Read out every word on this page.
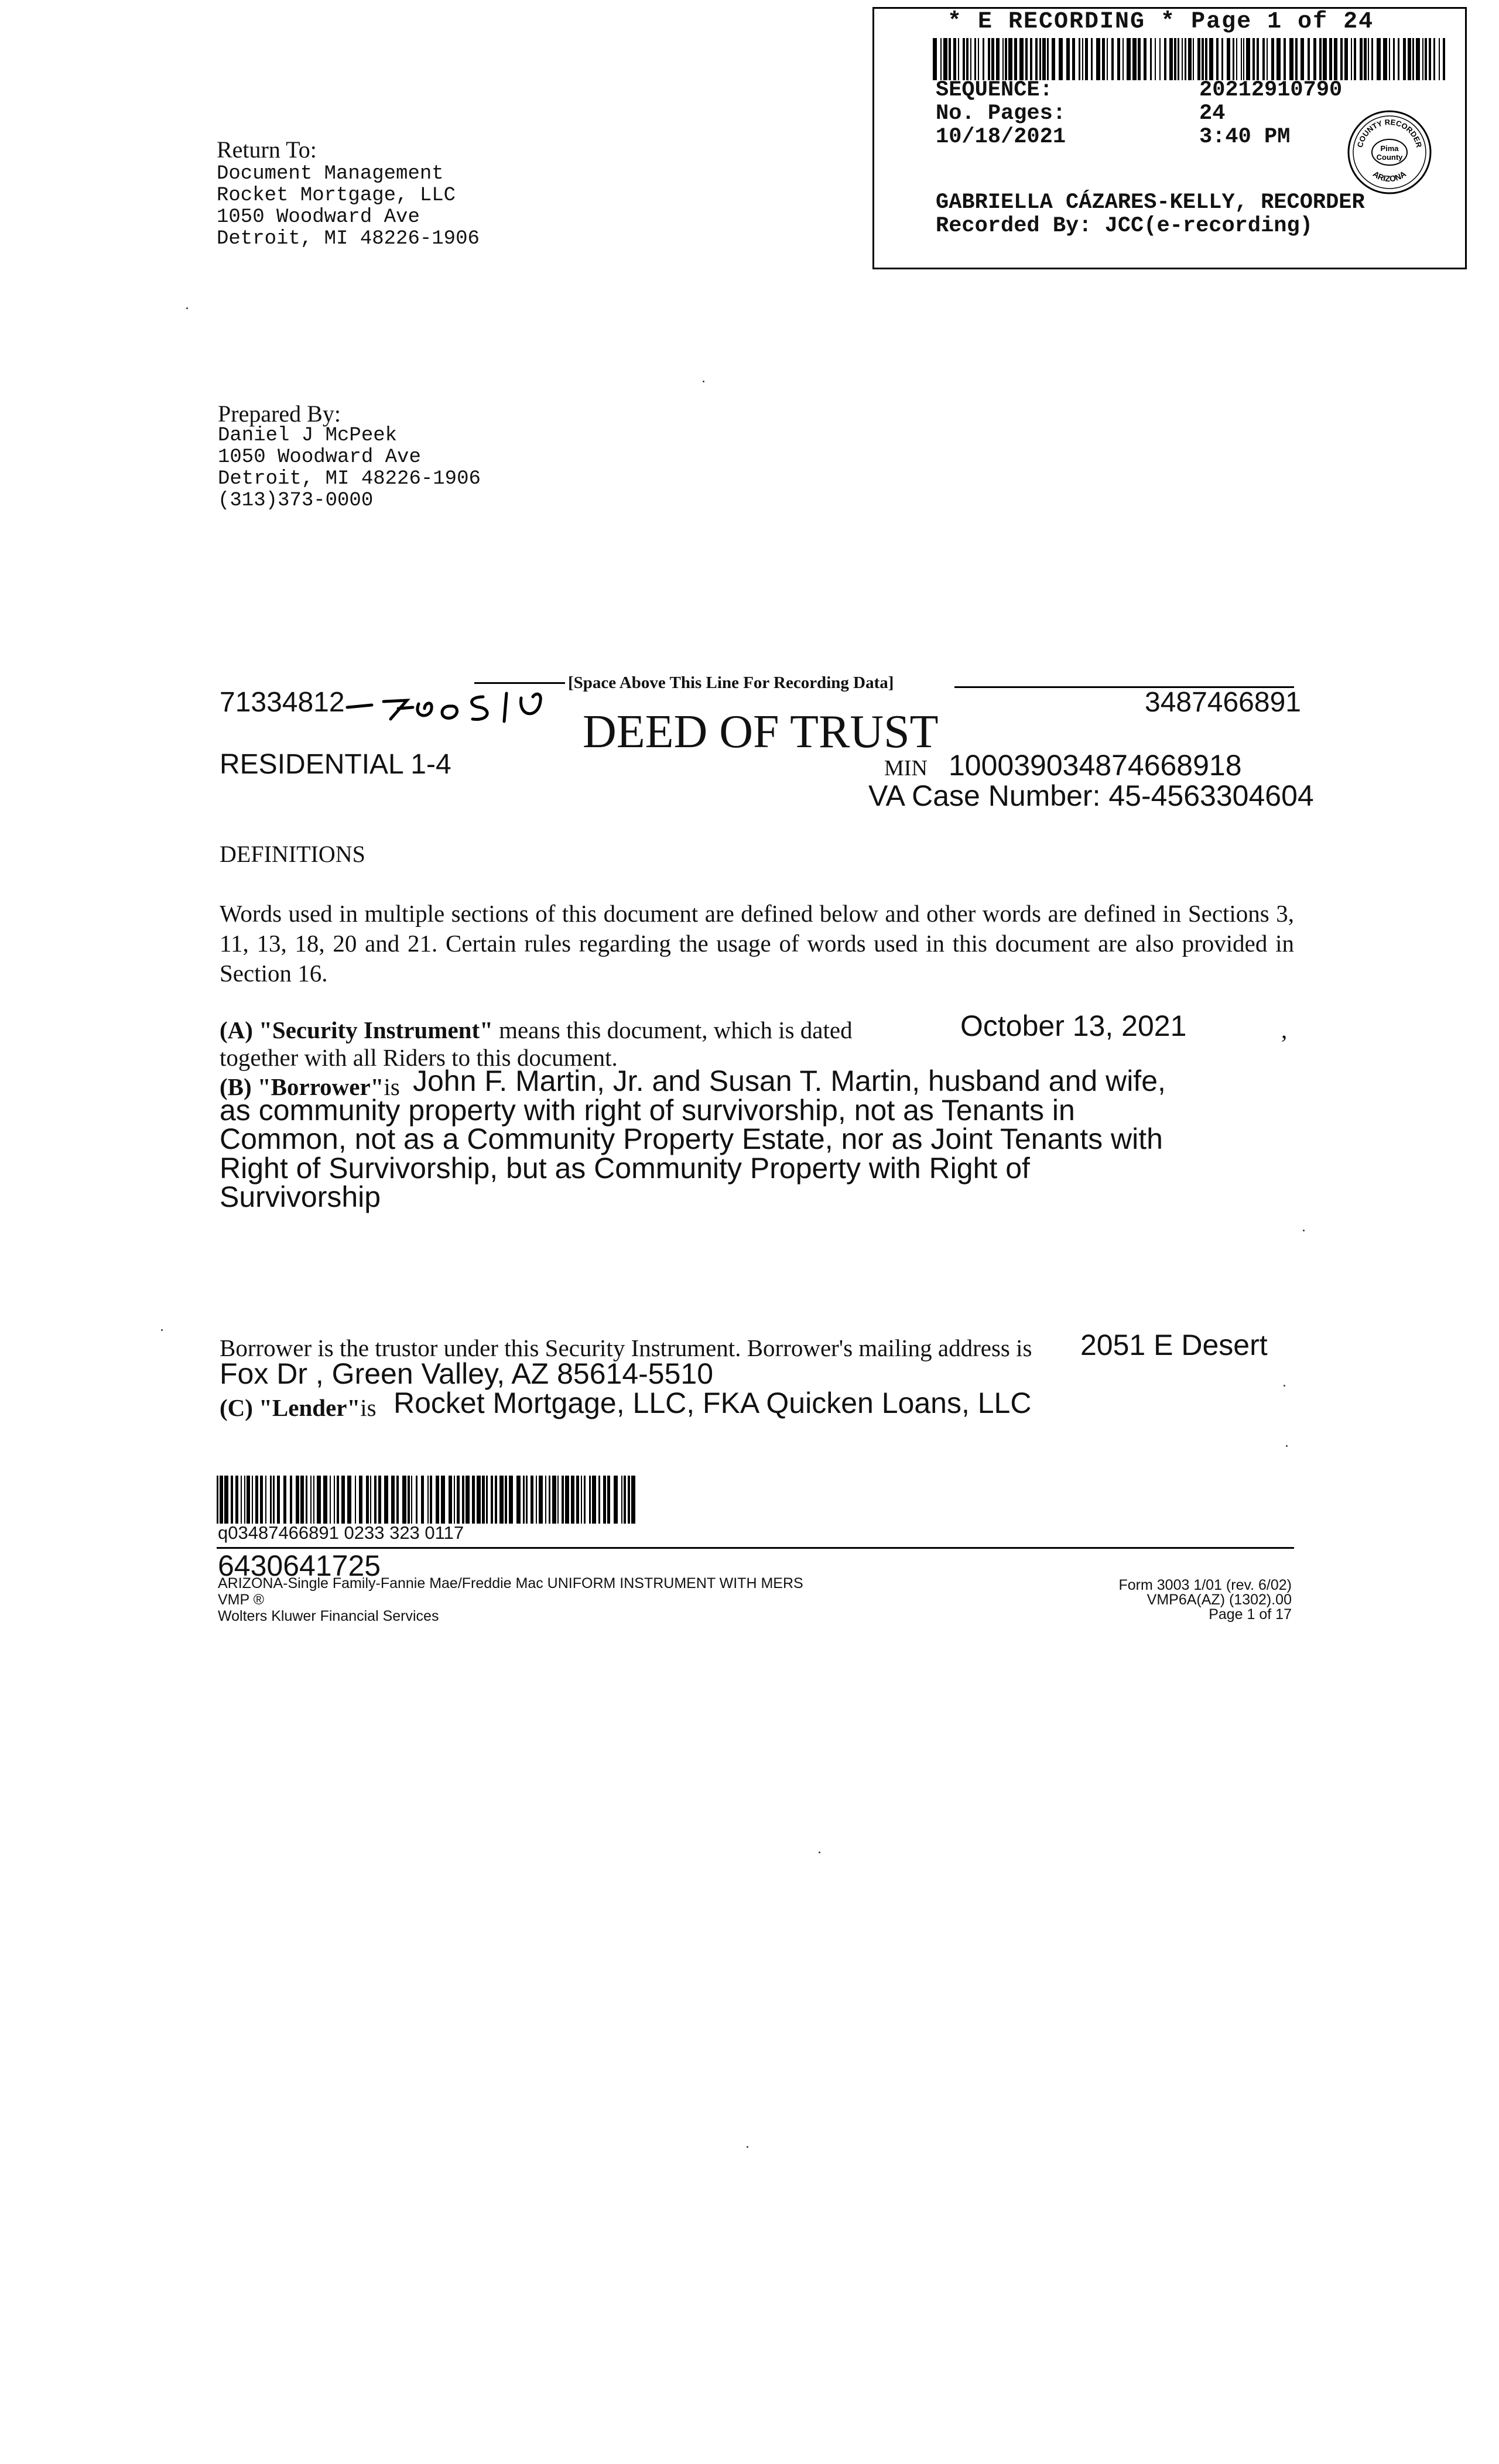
* E RECORDING * Page 1 of 24
SEQUENCE:	20212910790
No. Pages:	24
10/18/2021	3:40 PM	COUNTY RECORDER
ARIZONA
Pima
County
GABRIELLA CÁZARES-KELLY, RECORDER
Recorded By: JCC(e-recording)
Return To:
Document Management
Rocket Mortgage, LLC
1050 Woodward Ave
Detroit, MI 48226-1906
Prepared By:
Daniel J McPeek
1050 Woodward Ave
Detroit, MI 48226-1906
(313)373-0000
[Space Above This Line For Recording Data]
71334812	3487466891
DEED OF TRUST
RESIDENTIAL 1-4	MIN 100039034874668918
VA Case Number: 45-4563304604
DEFINITIONS
Words used in multiple sections of this document are defined below and other words are defined in Sections 3, 11, 13, 18, 20 and 21. Certain rules regarding the usage of words used in this document are also provided in Section 16.
(A) "Security Instrument" means this document, which is dated	October 13, 2021	,
together with all Riders to this document.
(B) "Borrower"is John F. Martin, Jr. and Susan T. Martin, husband and wife,
as community property with right of survivorship, not as Tenants in
Common, not as a Community Property Estate, nor as Joint Tenants with
Right of Survivorship, but as Community Property with Right of
Survivorship
Borrower is the trustor under this Security Instrument. Borrower's mailing address is 2051 E Desert
Fox Dr , Green Valley, AZ 85614-5510
(C) "Lender"is Rocket Mortgage, LLC, FKA Quicken Loans, LLC
q03487466891 0233 323 0117
6430641725
ARIZONA-Single Family-Fannie Mae/Freddie Mac UNIFORM INSTRUMENT WITH MERS
VMP ®
Wolters Kluwer Financial Services
Form 3003 1/01 (rev. 6/02)
VMP6A(AZ) (1302).00
Page 1 of 17
